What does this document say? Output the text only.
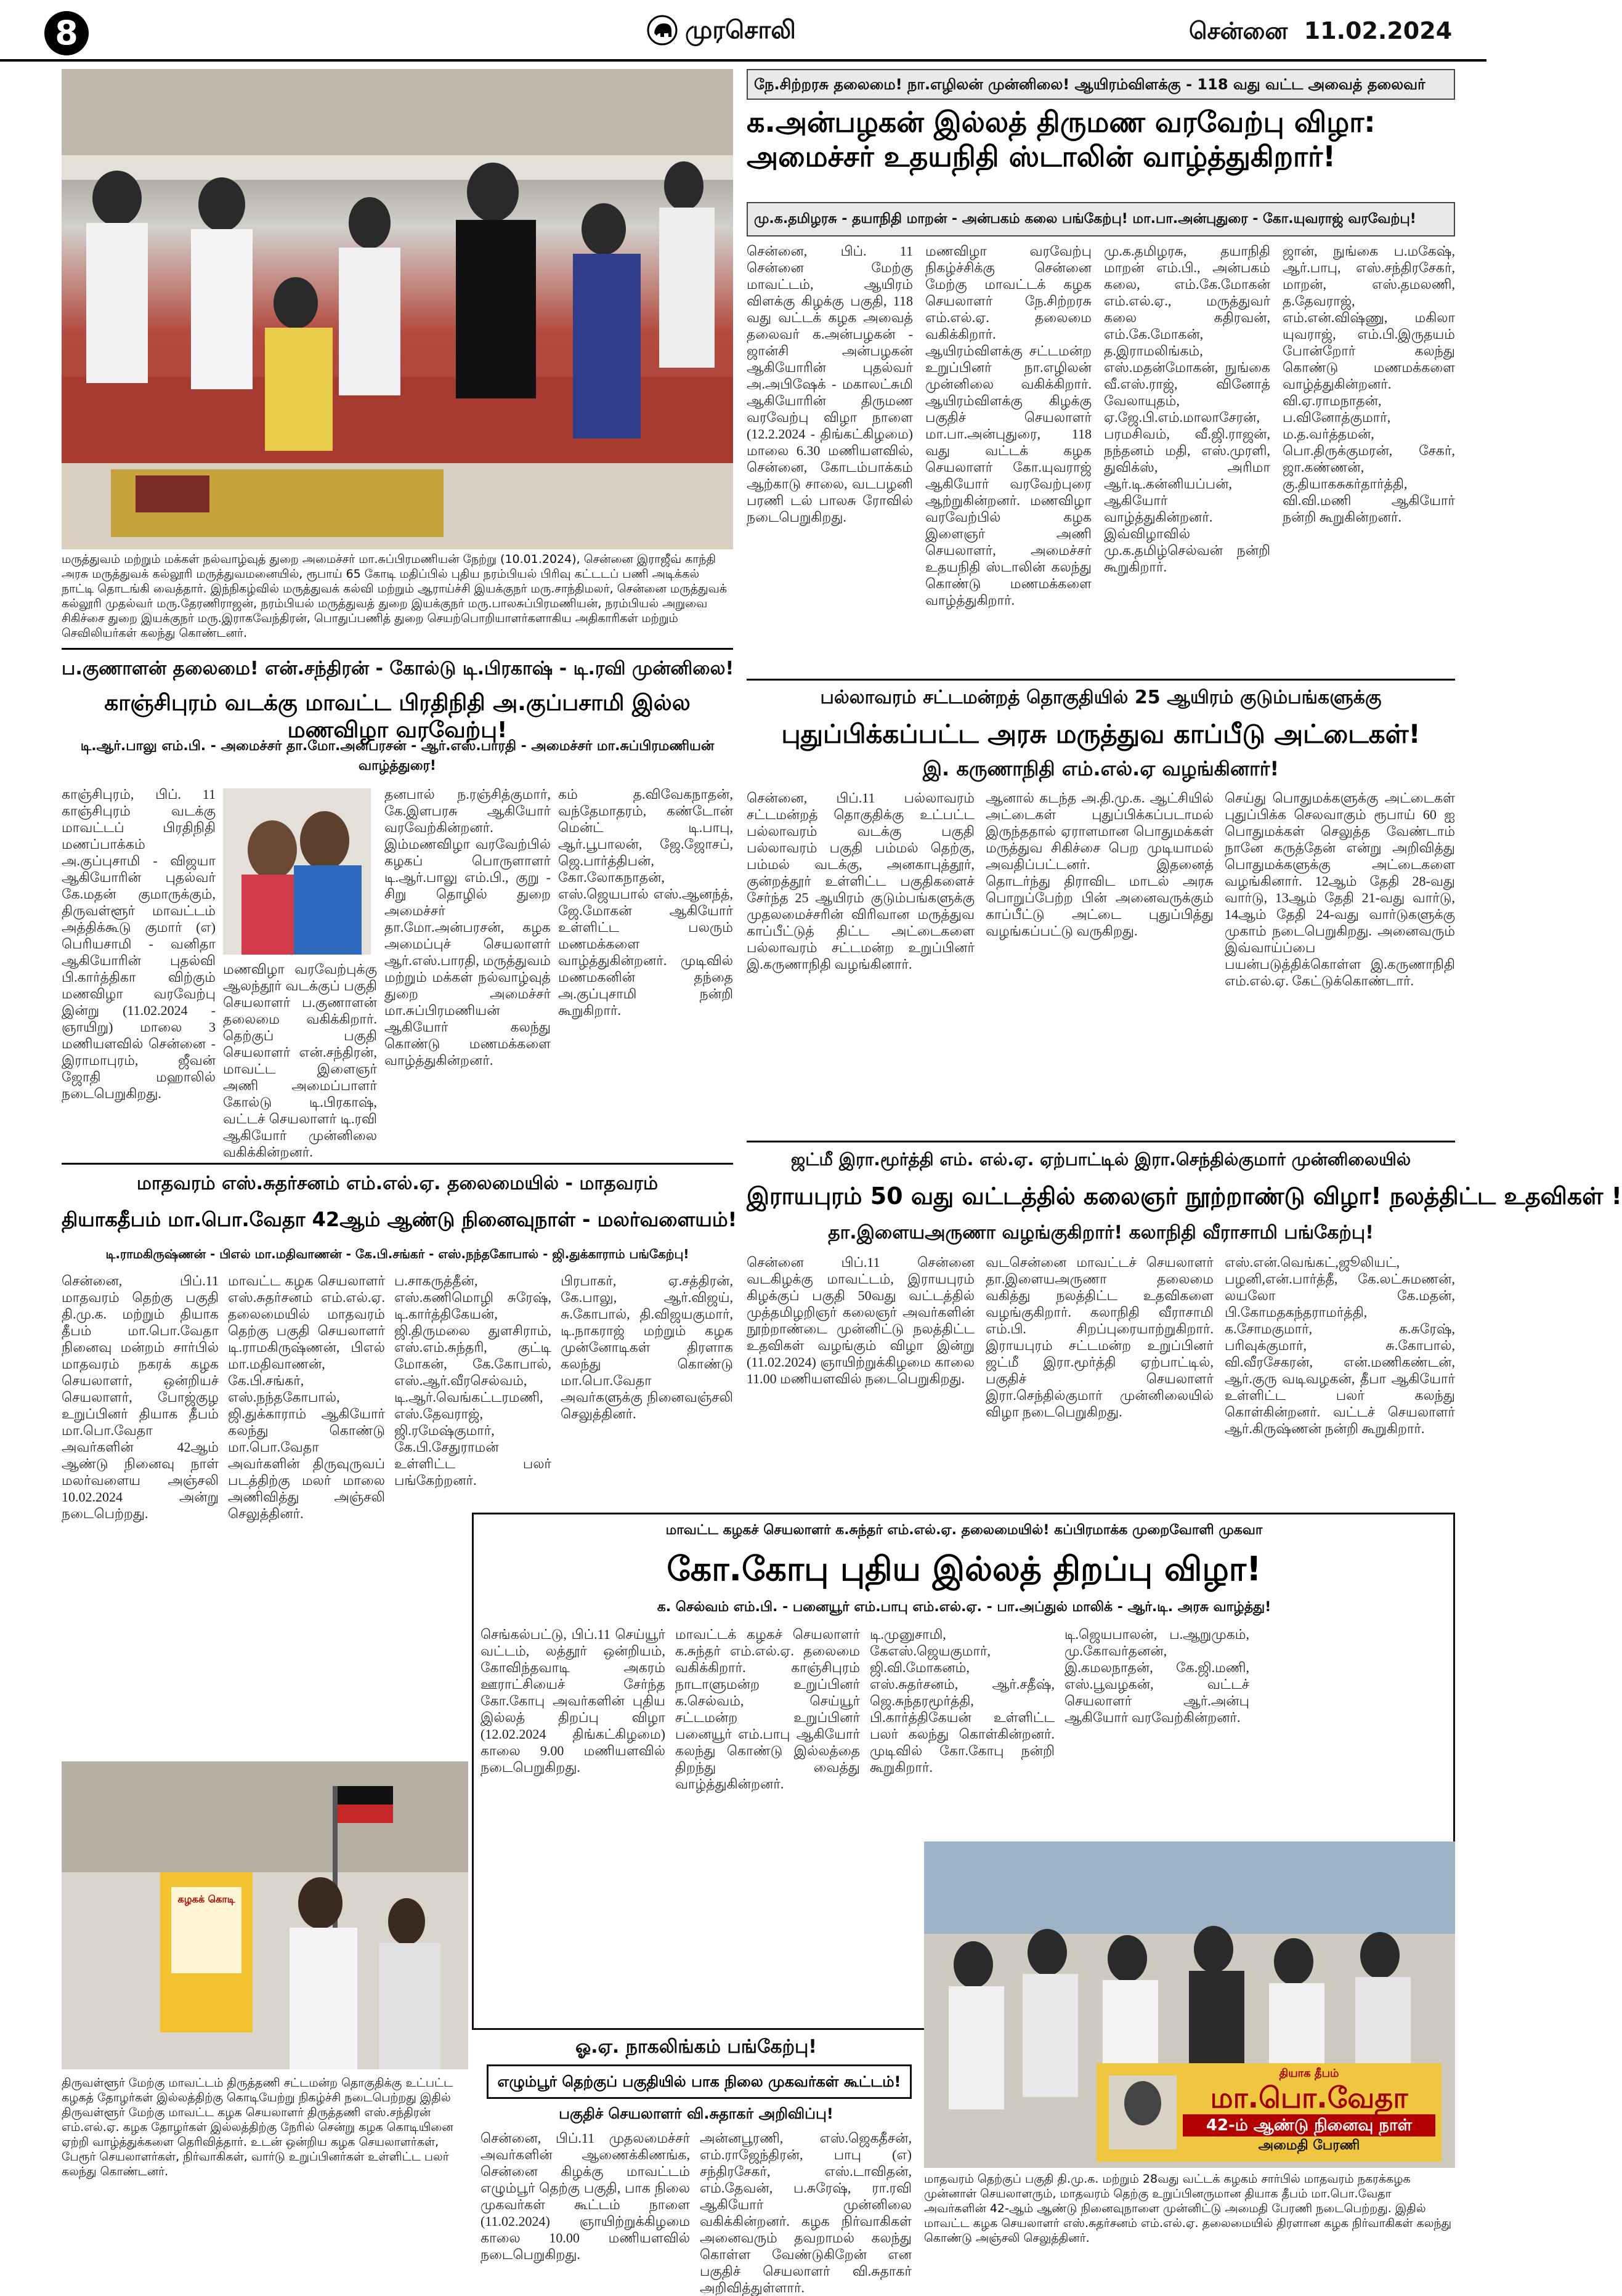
8	முரசொலி	சென்னை  11.02.2024
மருத்துவம் மற்றும் மக்கள் நல்வாழ்வுத் துறை அமைச்சர் மா.சுப்பிரமணியன் நேற்று (10.01.2024), சென்னை இராஜீவ் காந்தி அரசு மருத்துவக் கல்லூரி மருத்துவமனையில், ரூபாய் 65 கோடி மதிப்பில் புதிய நரம்பியல் பிரிவு கட்டடப் பணி அடிக்கல் நாட்டி தொடங்கி வைத்தார். இந்நிகழ்வில் மருத்துவக் கல்வி மற்றும் ஆராய்ச்சி இயக்குநர் மரு.சாந்திமலர், சென்னை மருத்துவக் கல்லூரி முதல்வர் மரு.தேரணிராஜன், நரம்பியல் மருத்துவத் துறை இயக்குநர் மரு.பாலசுப்பிரமணியன், நரம்பியல் அறுவை சிகிச்சை துறை இயக்குநர் மரு.இராகவேந்திரன், பொதுப்பணித் துறை செயற்பொறியாளர்களாகிய அதிகாரிகள் மற்றும் செவிலியர்கள் கலந்து கொண்டனர்.
நே.சிற்றரசு தலைமை! நா.எழிலன் முன்னிலை! ஆயிரம்விளக்கு - 118 வது வட்ட அவைத் தலைவர்
க.அன்பழகன் இல்லத் திருமண வரவேற்பு விழா: அமைச்சர் உதயநிதி ஸ்டாலின் வாழ்த்துகிறார்!
மு.க.தமிழரசு - தயாநிதி மாறன் - அன்பகம் கலை பங்கேற்பு! மா.பா.அன்புதுரை - கோ.யுவராஜ் வரவேற்பு!
சென்னை, பிப். 11 சென்னை மேற்கு மாவட்டம், ஆயிரம் விளக்கு கிழக்கு பகுதி, 118 வது வட்டக் கழக அவைத் தலைவர் க.அன்பழகன் - ஜான்சி அன்பழகன் ஆகியோரின் புதல்வர் அ.அபிஷேக் - மகாலட்சுமி ஆகியோரின் திருமண வரவேற்பு விழா நாளை (12.2.2024 - திங்கட்கிழமை) மாலை 6.30 மணியளவில், சென்னை, கோடம்பாக்கம் ஆற்காடு சாலை, வடபழனி பரணி டல் பாலசு ரோவில் நடைபெறுகிறது.
மணவிழா வரவேற்பு நிகழ்ச்சிக்கு சென்னை மேற்கு மாவட்டக் கழக செயலாளர் நே.சிற்றரசு எம்.எல்.ஏ. தலைமை வகிக்கிறார். ஆயிரம்விளக்கு சட்டமன்ற உறுப்பினர் நா.எழிலன் முன்னிலை வகிக்கிறார். ஆயிரம்விளக்கு கிழக்கு பகுதிச் செயலாளர் மா.பா.அன்புதுரை, 118 வது வட்டக் கழக செயலாளர் கோ.யுவராஜ் ஆகியோர் வரவேற்புரை ஆற்றுகின்றனர். மணவிழா வரவேற்பில் கழக இளைஞர் அணி செயலாளர், அமைச்சர் உதயநிதி ஸ்டாலின் கலந்து கொண்டு மணமக்களை வாழ்த்துகிறார்.
மு.க.தமிழரசு, தயாநிதி மாறன் எம்.பி., அன்பகம் கலை, எம்.கே.மோகன் எம்.எல்.ஏ., மருத்துவர் கலை கதிரவன், எம்.கே.மோகன், த.இராமலிங்கம், எஸ்.மதன்மோகன், நுங்கை வீ.எஸ்.ராஜ், வினோத் வேலாயுதம், ஏ.ஜே.பி.எம்.மாலாசேரன், பரமசிவம், வீ.ஜி.ராஜன், நந்தனம் மதி, எஸ்.முரளி, துவிக்ஸ், அரிமா ஆர்.டி.கன்னியப்பன், ஆகியோர் வாழ்த்துகின்றனர். இவ்விழாவில் மு.க.தமிழ்செல்வன் நன்றி கூறுகிறார்.
ஜான், நுங்கை ப.மகேஷ், ஆர்.பாபு, எஸ்.சந்திரசேகர், மாறன், எஸ்.தமலணி, த.தேவராஜ், எம்.என்.விஷ்ணு, மகிலா யுவராஜ், எம்.பி.இருதயம் போன்றோர் கலந்து கொண்டு மணமக்களை வாழ்த்துகின்றனர். வி.ஏ.ராமநாதன், ப.வினோத்குமார், ம.த.வர்த்தமன், பொ.திருக்குமரன், சேகர், ஜா.கண்ணன், கு.தியாகசுகர்தார்த்தி, வி.வி.மணி ஆகியோர் நன்றி கூறுகின்றனர்.
ப.குணாளன் தலைமை! என்.சந்திரன் - கோல்டு டி.பிரகாஷ் - டி.ரவி முன்னிலை!
காஞ்சிபுரம் வடக்கு மாவட்ட பிரதிநிதி அ.குப்பசாமி இல்ல மணவிழா வரவேற்பு!
டி.ஆர்.பாலு எம்.பி. - அமைச்சர் தா.மோ.அன்பரசன் - ஆர்.எஸ்.பாரதி - அமைச்சர் மா.சுப்பிரமணியன் வாழ்த்துரை!
காஞ்சிபுரம், பிப். 11 காஞ்சிபுரம் வடக்கு மாவட்டப் பிரதிநிதி மணப்பாக்கம் அ.குப்புசாமி - விஜயா ஆகியோரின் புதல்வர் கே.மதன் குமாருக்கும், திருவள்ளூர் மாவட்டம் அத்திக்கூடு குமார் (எ) பெரியசாமி - வனிதா ஆகியோரின் புதல்வி பி.கார்த்திகா விற்கும் மணவிழா வரவேற்பு இன்று (11.02.2024 - ஞாயிறு) மாலை 3 மணியளவில் சென்னை - இராமாபுரம், ஜீவன் ஜோதி மஹாலில் நடைபெறுகிறது.
மணவிழா வரவேற்புக்கு ஆலந்தூர் வடக்குப் பகுதி செயலாளர் ப.குணாளன் தலைமை வகிக்கிறார். தெற்குப் பகுதி செயலாளர் என்.சந்திரன், மாவட்ட இளைஞர் அணி அமைப்பாளர் கோல்டு டி.பிரகாஷ், வட்டச் செயலாளர் டி.ரவி ஆகியோர் முன்னிலை வகிக்கின்றனர்.
தனபால் ந.ரஞ்சித்குமார், கே.இளபரசு ஆகியோர் வரவேற்கின்றனர். இம்மணவிழா வரவேற்பில் கழகப் பொருளாளர் டி.ஆர்.பாலு எம்.பி., குறு - சிறு தொழில் துறை அமைச்சர் தா.மோ.அன்பரசன், கழக அமைப்புச் செயலாளர் ஆர்.எஸ்.பாரதி, மருத்துவம் மற்றும் மக்கள் நல்வாழ்வுத் துறை அமைச்சர் மா.சுப்பிரமணியன் ஆகியோர் கலந்து கொண்டு மணமக்களை வாழ்த்துகின்றனர்.
கம் த.விவேகநாதன், வந்தேமாதரம், கண்டோன் மென்ட் டி.பாபு, ஆர்.பூபாலன், ஜே.ஜோசப், ஜெ.பார்த்திபன், கோ.லோகநாதன், எஸ்.ஜெயபால் எஸ்.ஆனந்த், ஜே.மோகன் ஆகியோர் உள்ளிட்ட பலரும் மணமக்களை வாழ்த்துகின்றனர். முடிவில் மணமகனின் தந்தை அ.குப்புசாமி நன்றி கூறுகிறார்.
பல்லாவரம் சட்டமன்றத் தொகுதியில் 25 ஆயிரம் குடும்பங்களுக்கு
புதுப்பிக்கப்பட்ட அரசு மருத்துவ காப்பீடு அட்டைகள்!
இ. கருணாநிதி எம்.எல்.ஏ வழங்கினார்!
சென்னை, பிப்.11 பல்லாவரம் சட்டமன்றத் தொகுதிக்கு உட்பட்ட பல்லாவரம் வடக்கு பகுதி பல்லாவரம் பகுதி பம்மல் தெற்கு, பம்மல் வடக்கு, அனகாபுத்தூர், குன்றத்தூர் உள்ளிட்ட பகுதிகளைச் சேர்ந்த 25 ஆயிரம் குடும்பங்களுக்கு முதலமைச்சரின் விரிவான மருத்துவ காப்பீட்டுத் திட்ட அட்டைகளை பல்லாவரம் சட்டமன்ற உறுப்பினர் இ.கருணாநிதி வழங்கினார்.
ஆனால் கடந்த அ.தி.மு.க. ஆட்சியில் அட்டைகள் புதுப்பிக்கப்படாமல் இருந்ததால் ஏராளமான பொதுமக்கள் மருத்துவ சிகிச்சை பெற முடியாமல் அவதிப்பட்டனர். இதனைத் தொடர்ந்து திராவிட மாடல் அரசு பொறுப்பேற்ற பின் அனைவருக்கும் காப்பீட்டு அட்டை புதுப்பித்து வழங்கப்பட்டு வருகிறது.
செய்து பொதுமக்களுக்கு அட்டைகள் புதுப்பிக்க செலவாகும் ரூபாய் 60 ஐ பொதுமக்கள் செலுத்த வேண்டாம் நானே கருத்தேன் என்று அறிவித்து பொதுமக்களுக்கு அட்டைகளை வழங்கினார். 12ஆம் தேதி 28-வது வார்டு, 13ஆம் தேதி 21-வது வார்டு, 14ஆம் தேதி 24-வது வார்டுகளுக்கு முகாம் நடைபெறுகிறது. அனைவரும் இவ்வாய்ப்பை பயன்படுத்திக்கொள்ள இ.கருணாநிதி எம்.எல்.ஏ. கேட்டுக்கொண்டார்.
ஜட்மீ இரா.மூர்த்தி எம். எல்.ஏ. ஏற்பாட்டில் இரா.செந்தில்குமார் முன்னிலையில்
இராயபுரம் 50 வது வட்டத்தில் கலைஞர் நூற்றாண்டு விழா! நலத்திட்ட உதவிகள் !
தா.இளையஅருணா வழங்குகிறார்! கலாநிதி வீராசாமி பங்கேற்பு!
சென்னை பிப்.11 சென்னை வடகிழக்கு மாவட்டம், இராயபுரம் கிழக்குப் பகுதி 50வது வட்டத்தில் முத்தமிழறிஞர் கலைஞர் அவர்களின் நூற்றாண்டை முன்னிட்டு நலத்திட்ட உதவிகள் வழங்கும் விழா இன்று (11.02.2024) ஞாயிற்றுக்கிழமை காலை 11.00 மணியளவில் நடைபெறுகிறது.
வடசென்னை மாவட்டச் செயலாளர் தா.இளையஅருணா தலைமை வகித்து நலத்திட்ட உதவிகளை வழங்குகிறார். கலாநிதி வீராசாமி எம்.பி. சிறப்புரையாற்றுகிறார். இராயபுரம் சட்டமன்ற உறுப்பினர் ஜட்மீ இரா.மூர்த்தி ஏற்பாட்டில், பகுதிச் செயலாளர் இரா.செந்தில்குமார் முன்னிலையில் விழா நடைபெறுகிறது.
எஸ்.என்.வெங்கட்,ஜூலியட், பழனி,என்.பார்த்தீ, கே.லட்சுமணன், லயலோ கே.மதன், பி.கோமதகந்தராமர்த்தி, க.சோமகுமார், க.சுரேஷ், பரிவுக்குமார், சு.கோபால், வி.வீரசேகரன், என்.மணிகண்டன், ஆர்.குரு வடிவழகன், தீபா ஆகியோர் உள்ளிட்ட பலர் கலந்து கொள்கின்றனர். வட்டச் செயலாளர் ஆர்.கிருஷ்ணன் நன்றி கூறுகிறார்.
மாதவரம் எஸ்.சுதர்சனம் எம்.எல்.ஏ. தலைமையில் - மாதவரம்
தியாகதீபம் மா.பொ.வேதா 42ஆம் ஆண்டு நினைவுநாள் - மலர்வளையம்!
டி.ராமகிருஷ்ணன் - பிஎல் மா.மதிவாணன் - கே.பி.சங்கர் - எஸ்.நந்தகோபால் - ஜி.துக்காராம் பங்கேற்பு!
சென்னை, பிப்.11 மாதவரம் தெற்கு பகுதி தி.மு.க. மற்றும் தியாக தீபம் மா.பொ.வேதா நினைவு மன்றம் சார்பில் மாதவரம் நகரக் கழக செயலாளர், ஒன்றியச் செயலாளர், போஜ்குழ உறுப்பினர் தியாக தீபம் மா.பொ.வேதா அவர்களின் 42ஆம் ஆண்டு நினைவு நாள் மலர்வளைய அஞ்சலி 10.02.2024 அன்று நடைபெற்றது.
மாவட்ட கழக செயலாளர் எஸ்.சுதர்சனம் எம்.எல்.ஏ. தலைமையில் மாதவரம் தெற்கு பகுதி செயலாளர் டி.ராமகிருஷ்ணன், பிஎல் மா.மதிவாணன், கே.பி.சங்கர், எஸ்.நந்தகோபால், ஜி.துக்காராம் ஆகியோர் கலந்து கொண்டு மா.பொ.வேதா அவர்களின் திருவுருவப் படத்திற்கு மலர் மாலை அணிவித்து அஞ்சலி செலுத்தினர்.
ப.சாகருத்தீன், எஸ்.கணிமொழி சுரேஷ், டி.கார்த்திகேயன், ஜி.திருமலை துளசிராம், எஸ்.எம்.சுந்தரி, குட்டி மோகன், கே.கோபால், எஸ்.ஆர்.வீரசெல்வம், டி.ஆர்.வெங்கட்டரமணி, எஸ்.தேவராஜ், ஜி.ரமேஷ்குமார், கே.பி.சேதுராமன் உள்ளிட்ட பலர் பங்கேற்றனர்.
பிரபாகர், ஏ.சத்திரன், கே.பாலு, ஆர்.விஜய், சு.கோபால், தி.விஜயகுமார், டி.நாகராஜ் மற்றும் கழக முன்னோடிகள் திரளாக கலந்து கொண்டு மா.பொ.வேதா அவர்களுக்கு நினைவஞ்சலி செலுத்தினர்.
மாவட்ட கழகச் செயலாளர் க.சுந்தர் எம்.எல்.ஏ. தலைமையில்! கப்பிரமாக்க முறைவோளி முகவா
கோ.கோபு புதிய இல்லத் திறப்பு விழா!
க. செல்வம் எம்.பி. - பனையூர் எம்.பாபு எம்.எல்.ஏ. - பா.அப்துல் மாலிக் - ஆர்.டி. அரசு வாழ்த்து!
செங்கல்பட்டு, பிப்.11 செய்யூர் வட்டம், லத்தூர் ஒன்றியம், கோவிந்தவாடி அகரம் ஊராட்சியைச் சேர்ந்த கோ.கோபு அவர்களின் புதிய இல்லத் திறப்பு விழா (12.02.2024 திங்கட்கிழமை) காலை 9.00 மணியளவில் நடைபெறுகிறது.
மாவட்டக் கழகச் செயலாளர் க.சுந்தர் எம்.எல்.ஏ. தலைமை வகிக்கிறார். காஞ்சிபுரம் நாடாளுமன்ற உறுப்பினர் க.செல்வம், செய்யூர் சட்டமன்ற உறுப்பினர் பனையூர் எம்.பாபு ஆகியோர் கலந்து கொண்டு இல்லத்தை திறந்து வைத்து வாழ்த்துகின்றனர்.
டி.முனுசாமி, கேஎஸ்.ஜெயகுமார், ஜி.வி.மோகனம், எஸ்.சுதர்சனம், ஆர்.சதீஷ், ஜெ.சுந்தரமூர்த்தி, பி.கார்த்திகேயன் உள்ளிட்ட பலர் கலந்து கொள்கின்றனர். முடிவில் கோ.கோபு நன்றி கூறுகிறார்.
டி.ஜெயபாலன், ப.ஆறுமுகம், மு.கோவர்தனன், இ.கமலநாதன், கே.ஜி.மணி, எஸ்.பூவழகன், வட்டச் செயலாளர் ஆர்.அன்பு ஆகியோர் வரவேற்கின்றனர்.
கழகக் கொடி
திருவள்ளூர் மேற்கு மாவட்டம் திருத்தணி சட்டமன்ற தொகுதிக்கு உட்பட்ட கழகத் தோழர்கள் இல்லத்திற்கு கொடியேற்று நிகழ்ச்சி நடைபெற்றது இதில் திருவள்ளூர் மேற்கு மாவட்ட கழக செயலாளர் திருத்தணி எஸ்.சந்திரன் எம்.எல்.ஏ. கழக தோழர்கள் இல்லத்திற்கு நேரில் சென்று கழக கொடியினை ஏற்றி வாழ்த்துக்களை தெரிவித்தார். உடன் ஒன்றிய கழக செயலாளர்கள், பேரூர் செயலாளர்கள், நிர்வாகிகள், வார்டு உறுப்பினர்கள் உள்ளிட்ட பலர் கலந்து கொண்டனர்.
ஓ.ஏ. நாகலிங்கம் பங்கேற்பு!
எழும்பூர் தெற்குப் பகுதியில் பாக நிலை முகவர்கள் கூட்டம்!
பகுதிச் செயலாளர் வி.சுதாகர் அறிவிப்பு!
சென்னை, பிப்.11 முதலமைச்சர் அவர்களின் ஆணைக்கிணங்க, சென்னை கிழக்கு மாவட்டம் எழும்பூர் தெற்கு பகுதி, பாக நிலை முகவர்கள் கூட்டம் நாளை (11.02.2024) ஞாயிற்றுக்கிழமை காலை 10.00 மணியளவில் நடைபெறுகிறது.
அன்னபூரணி, எஸ்.ஜெகதீசன், எம்.ராஜேந்திரன், பாபு (எ) சந்திரசேகர், எஸ்.டாவிதன், எம்.தேவன், ப.சுரேஷ், ரா.ரவி ஆகியோர் முன்னிலை வகிக்கின்றனர். கழக நிர்வாகிகள் அனைவரும் தவறாமல் கலந்து கொள்ள வேண்டுகிறேன் என பகுதிச் செயலாளர் வி.சுதாகர் அறிவித்துள்ளார்.
தியாக தீபம்
மா.பொ.வேதா
42-ம் ஆண்டு நினைவு நாள்
அமைதி பேரணி
மாதவரம் தெற்குப் பகுதி தி.மு.க. மற்றும் 28வது வட்டக் கழகம் சார்பில் மாதவரம் நகரக்கழக முன்னாள் செயலாளரும், மாதவரம் தெற்கு உறுப்பினருமான தியாக தீபம் மா.பொ.வேதா அவர்களின் 42-ஆம் ஆண்டு நினைவுநாளை முன்னிட்டு அமைதி பேரணி நடைபெற்றது. இதில் மாவட்ட கழக செயலாளர் எஸ்.சுதர்சனம் எம்.எல்.ஏ. தலைமையில் திரளான கழக நிர்வாகிகள் கலந்து கொண்டு அஞ்சலி செலுத்தினர்.
